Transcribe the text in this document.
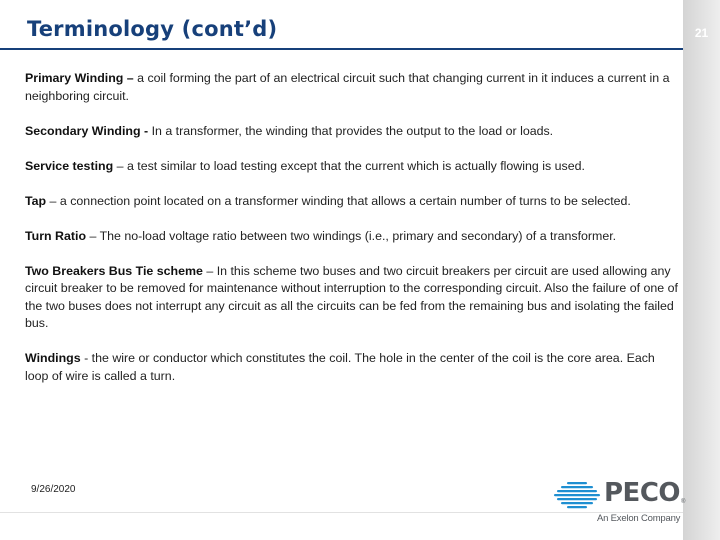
Terminology (cont’d)	21

Primary Winding – a coil forming the part of an electrical circuit such that changing current in it induces a current in a neighboring circuit.

Secondary Winding - In a transformer, the winding that provides the output to the load or loads.

Service testing – a test similar to load testing except that the current which is actually flowing is used.

Tap – a connection point located on a transformer winding that allows a certain number of turns to be selected.

Turn Ratio – The no-load voltage ratio between two windings (i.e., primary and secondary) of a transformer.

Two Breakers Bus Tie scheme – In this scheme two buses and two circuit breakers per circuit are used allowing any circuit breaker to be removed for maintenance without interruption to the corresponding circuit. Also the failure of one of the two buses does not interrupt any circuit as all the circuits can be fed from the remaining bus and isolating the failed bus.

Windings - the wire or conductor which constitutes the coil. The hole in the center of the coil is the core area. Each loop of wire is called a turn.

9/26/2020	PECO ®
An Exelon Company
